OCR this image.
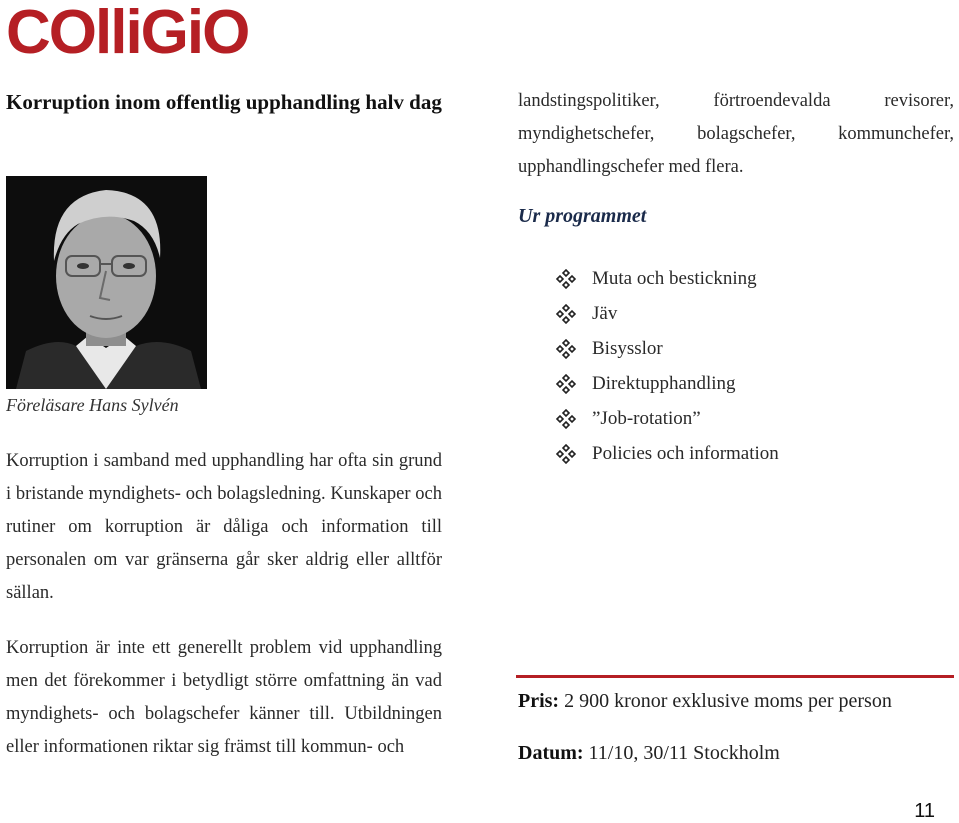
COlliGiO
Korruption inom offentlig upphandling halv dag

Föreläsare Hans Sylvén

Korruption i samband med upphandling har ofta sin grund i bristande myndighets- och bolagsledning. Kunskaper och rutiner om korruption är dåliga och information till personalen om var gränserna går sker aldrig eller alltför sällan.

Korruption är inte ett generellt problem vid upphandling men det förekommer i betydligt större omfattning än vad myndighets- och bolagschefer känner till. Utbildningen eller informationen riktar sig främst till kommun- och

landstingspolitiker, förtroendevalda revisorer, myndighetschefer, bolagschefer, kommunchefer, upphandlingschefer med flera.

Ur programmet
Muta och bestickning
Jäv
Bisysslor
Direktupphandling
”Job-rotation”
Policies och information

Pris: 2 900 kronor exklusive moms per person

Datum: 11/10, 30/11 Stockholm

11
